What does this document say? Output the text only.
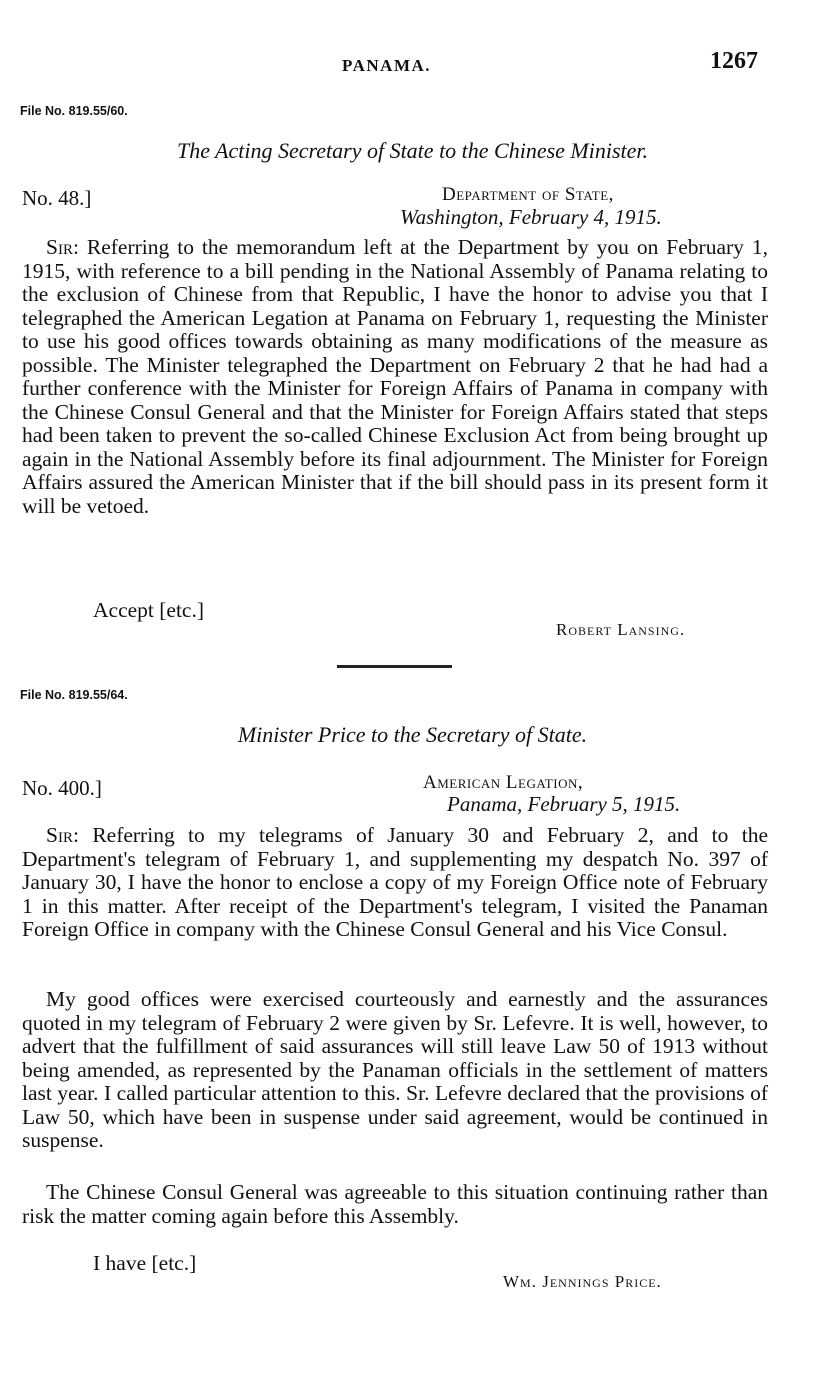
PANAMA.	1267
File No. 819.55/60.
The Acting Secretary of State to the Chinese Minister.
No. 48.]	Department of State,
Washington, February 4, 1915.

Sir: Referring to the memorandum left at the Department by you on February 1, 1915, with reference to a bill pending in the National Assembly of Panama relating to the exclusion of Chinese from that Republic, I have the honor to advise you that I telegraphed the American Legation at Panama on February 1, requesting the Minister to use his good offices towards obtaining as many modifications of the measure as possible. The Minister telegraphed the Department on February 2 that he had had a further conference with the Minister for Foreign Affairs of Panama in company with the Chinese Consul General and that the Minister for Foreign Affairs stated that steps had been taken to prevent the so-called Chinese Exclusion Act from being brought up again in the National Assembly before its final adjournment. The Minister for Foreign Affairs assured the American Minister that if the bill should pass in its present form it will be vetoed.

Accept [etc.]
Robert Lansing.
File No. 819.55/64.
Minister Price to the Secretary of State.
No. 400.]	American Legation,
Panama, February 5, 1915.

Sir: Referring to my telegrams of January 30 and February 2, and to the Department's telegram of February 1, and supplementing my despatch No. 397 of January 30, I have the honor to enclose a copy of my Foreign Office note of February 1 in this matter. After receipt of the Department's telegram, I visited the Panaman Foreign Office in company with the Chinese Consul General and his Vice Consul.

My good offices were exercised courteously and earnestly and the assurances quoted in my telegram of February 2 were given by Sr. Lefevre. It is well, however, to advert that the fulfillment of said assurances will still leave Law 50 of 1913 without being amended, as represented by the Panaman officials in the settlement of matters last year. I called particular attention to this. Sr. Lefevre declared that the provisions of Law 50, which have been in suspense under said agreement, would be continued in suspense.

The Chinese Consul General was agreeable to this situation continuing rather than risk the matter coming again before this Assembly.

I have [etc.]
Wm. Jennings Price.
